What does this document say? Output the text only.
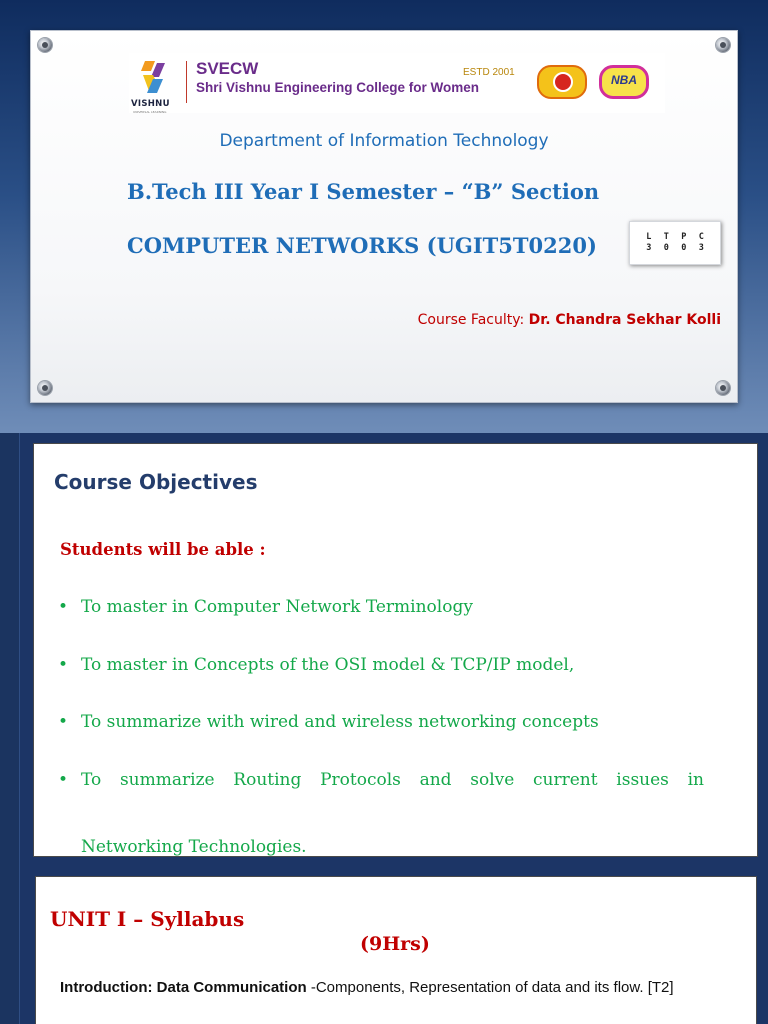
VISHNU
UNIVERSAL LEARNING
SVECW	ESTD 2001
Shri Vishnu Engineering College for Women	NBA
Department of Information Technology
B.Tech III Year I Semester – “B” Section
COMPUTER NETWORKS (UGIT5T0220)	L T P C
3 0 0 3
Course Faculty: Dr. Chandra Sekhar Kolli
Course Objectives
Students will be able :
• To master in Computer Network Terminology
• To master in Concepts of the OSI model & TCP/IP model,
• To summarize with wired and wireless networking concepts
• To summarize Routing Protocols and solve current issues in
Networking Technologies.
UNIT I – Syllabus
(9Hrs)
Introduction: Data Communication -Components, Representation of data and its flow. [T2]
